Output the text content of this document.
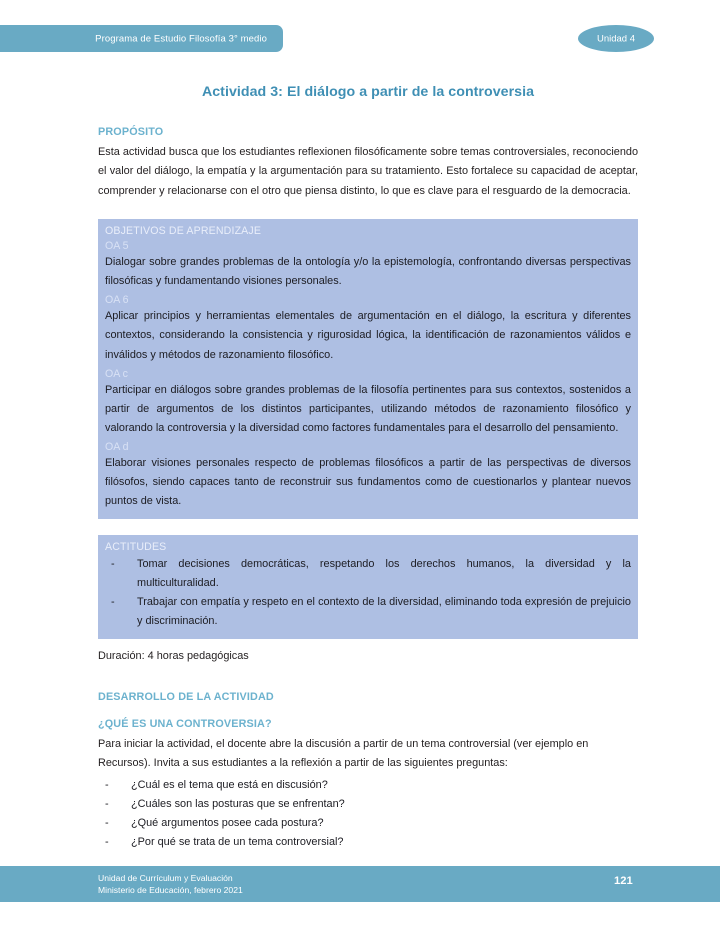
Programa de Estudio Filosofía 3° medio	Unidad 4
Actividad 3: El diálogo a partir de la controversia
PROPÓSITO

Esta actividad busca que los estudiantes reflexionen filosóficamente sobre temas controversiales, reconociendo el valor del diálogo, la empatía y la argumentación para su tratamiento. Esto fortalece su capacidad de aceptar, comprender y relacionarse con el otro que piensa distinto, lo que es clave para el resguardo de la democracia.

OBJETIVOS DE APRENDIZAJE
OA 5

Dialogar sobre grandes problemas de la ontología y/o la epistemología, confrontando diversas perspectivas filosóficas y fundamentando visiones personales.

OA 6

Aplicar principios y herramientas elementales de argumentación en el diálogo, la escritura y diferentes contextos, considerando la consistencia y rigurosidad lógica, la identificación de razonamientos válidos e inválidos y métodos de razonamiento filosófico.

OA c

Participar en diálogos sobre grandes problemas de la filosofía pertinentes para sus contextos, sostenidos a partir de argumentos de los distintos participantes, utilizando métodos de razonamiento filosófico y valorando la controversia y la diversidad como factores fundamentales para el desarrollo del pensamiento.

OA d

Elaborar visiones personales respecto de problemas filosóficos a partir de las perspectivas de diversos filósofos, siendo capaces tanto de reconstruir sus fundamentos como de cuestionarlos y plantear nuevos puntos de vista.

ACTITUDES
- Tomar decisiones democráticas, respetando los derechos humanos, la diversidad y la multiculturalidad.
- Trabajar con empatía y respeto en el contexto de la diversidad, eliminando toda expresión de prejuicio y discriminación.

Duración: 4 horas pedagógicas

DESARROLLO DE LA ACTIVIDAD
¿QUÉ ES UNA CONTROVERSIA?

Para iniciar la actividad, el docente abre la discusión a partir de un tema controversial (ver ejemplo en Recursos). Invita a sus estudiantes a la reflexión a partir de las siguientes preguntas:

- ¿Cuál es el tema que está en discusión?
- ¿Cuáles son las posturas que se enfrentan?
- ¿Qué argumentos posee cada postura?
- ¿Por qué se trata de un tema controversial?
Unidad de Currículum y Evaluación
Ministerio de Educación, febrero 2021
121
